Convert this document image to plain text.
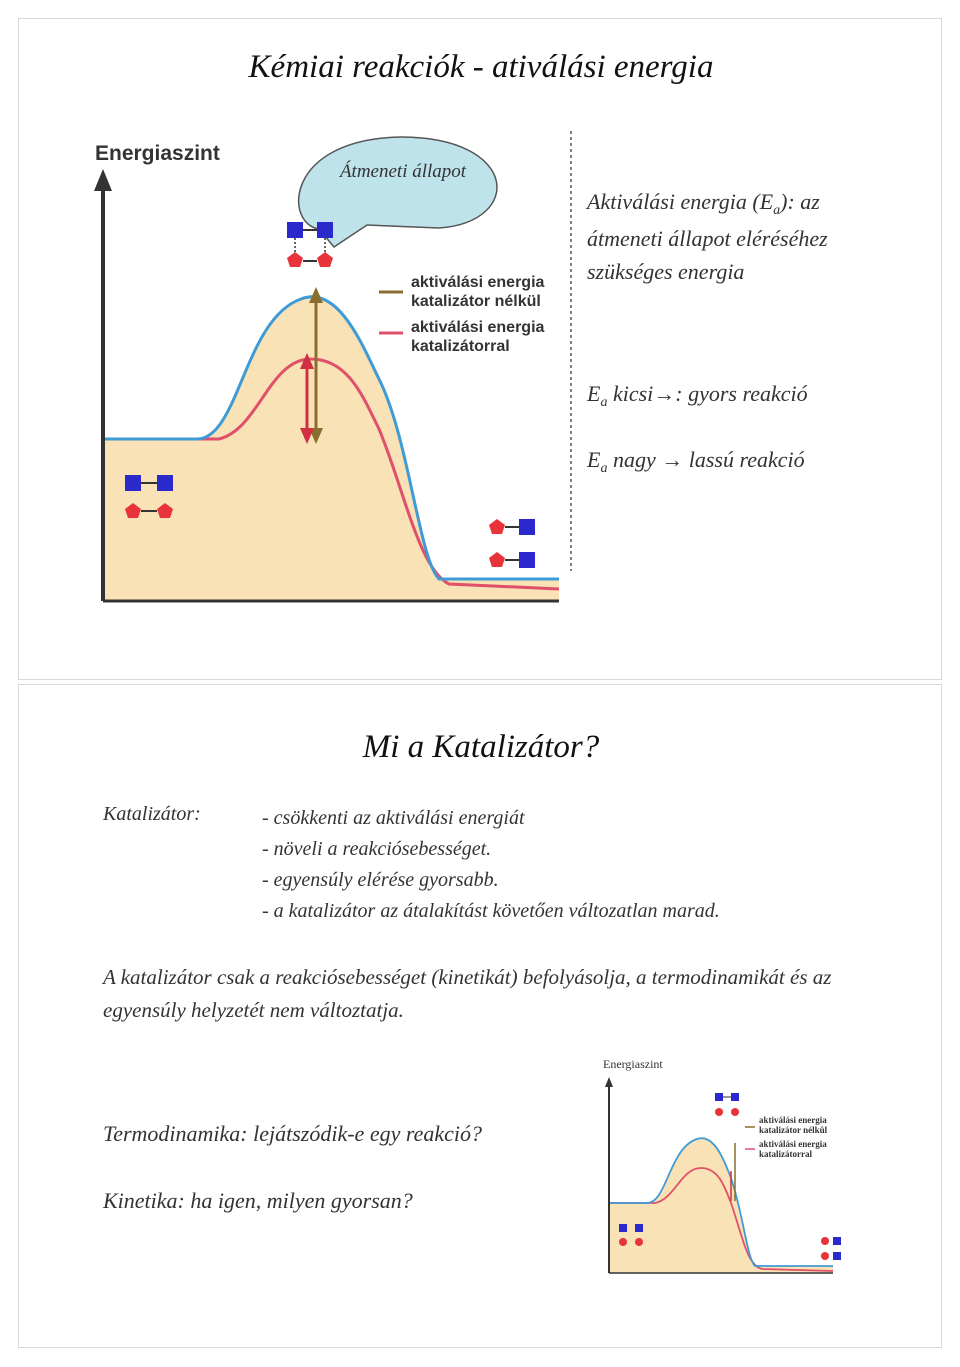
Kémiai reakciók - ativálási energia
Energiaszint
Átmeneti állapot
aktiválási energia
katalizátor nélkül
aktiválási energia
katalizátorral
Aktiválási energia $(E_a)$: az
átmeneti állapot eléréséhez
szükséges energia
$E_a$ kicsi→: gyors reakció
$E_a$ nagy → lassú reakció
Mi a Katalizátor?
Katalizátor:	- csökkenti az aktiválási energiát
- növeli a reakciósebességet.
- egyensúly elérése gyorsabb.
- a katalizátor az átalakítást követően változatlan marad.
A katalizátor csak a reakciósebességet (kinetikát) befolyásolja, a termodinamikát és az egyensúly helyzetét nem változtatja.
Termodinamika: lejátszódik-e egy reakció?
Kinetika: ha igen, milyen gyorsan?
Energiaszint
aktiválási energia
katalizátor nélkül
aktiválási energia
katalizátorral
